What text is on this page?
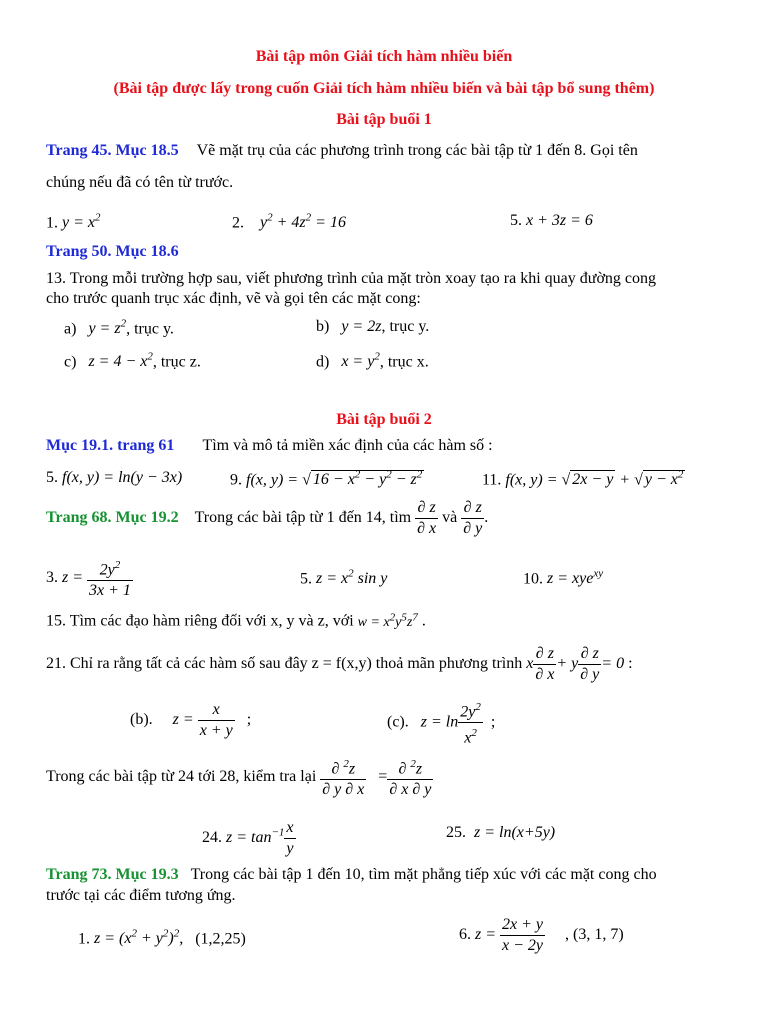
Bài tập môn Giải tích hàm nhiều biến
(Bài tập được lấy trong cuốn Giải tích hàm nhiều biến và bài tập bổ sung thêm)
Bài tập buổi 1
Trang 45. Mục 18.5 Vẽ mặt trụ của các phương trình trong các bài tập từ 1 đến 8. Gọi tên
chúng nếu đã có tên từ trước.
1. $y = x^2$	2. $y^2 + 4z^2 = 16$	5. x + 3z = 6
Trang 50. Mục 18.6
13. Trong mỗi trường hợp sau, viết phương trình của mặt tròn xoay tạo ra khi quay đường cong
cho trước quanh trục xác định, vẽ và gọi tên các mặt cong:
a) $y = z^2$, trục y.	b) y = 2z, trục y.
c) $z = 4 - x^2$, trục z.	d) $x = y^2$, trục x.
Bài tập buổi 2
Mục 19.1. trang 61 Tìm và mô tả miền xác định của các hàm số :
5. f(x, y) = ln(y − 3x)	9. f(x, y) = √ $16 - x^2 - y^2 - z^2$	11. f(x, y) = √ 2x − y + √ $y - x^2$
Trang 68. Mục 19.2 Trong các bài tập từ 1 đến 14, tìm $\frac{\partial z}{\partial x}$ và $\frac{\partial z}{\partial y}$ .
3. $z = \frac{2y^2}{3x + 1}$	5. $z = x^2$ sin y	10. z = xye$^{xy}$
15. Tìm các đạo hàm riêng đối với x, y và z, với $w = x^2y^5z^7$ .
21. Chỉ ra rằng tất cả các hàm số sau đây z = f(x,y) thoả mãn phương trình x $\frac{\partial z}{\partial x} + y \frac{\partial z}{\partial y} = 0$ :
(b). $z = \frac{x}{x + y}$ ;	(c). $z = \ln \frac{2y^2}{x^2}$ ;
Trong các bài tập từ 24 tới 28, kiểm tra lại $\frac{\partial ^2z}{\partial y \partial x} = \frac{\partial ^2z}{\partial x \partial y}$
24. $z = \tan^{-1} \frac{x}{y}$	25. z = ln(x+5y)
Trang 73. Mục 19.3 Trong các bài tập 1 đến 10, tìm mặt phẳng tiếp xúc với các mặt cong cho
trước tại các điểm tương ứng.
1. $z = (x^2 + y^2)^2$, (1,2,25)	6. $z = \frac{2x + y}{x - 2y}$ , (3, 1, 7)
